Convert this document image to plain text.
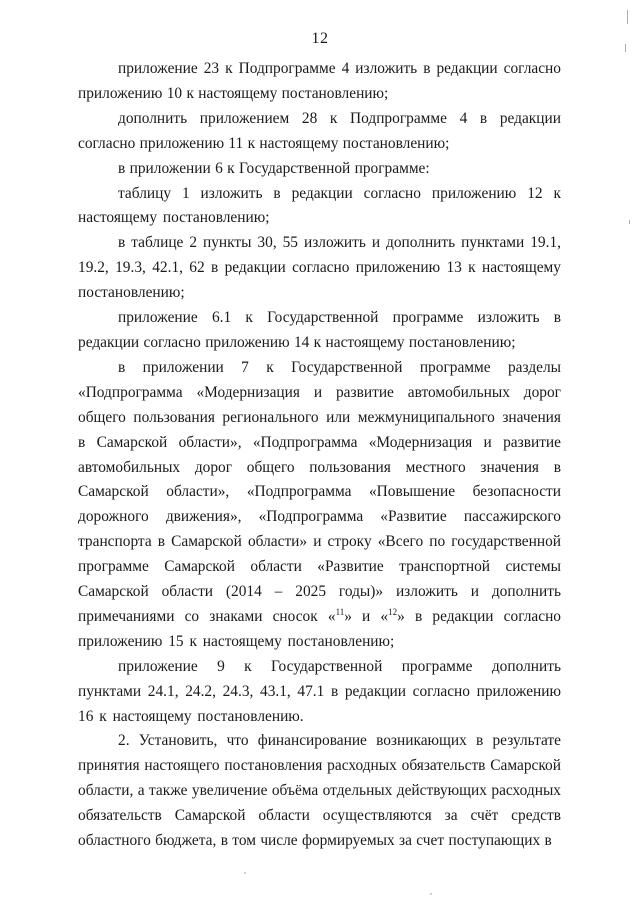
12

приложение 23 к Подпрограмме 4 изложить в редакции согласно приложению 10 к настоящему постановлению;

дополнить приложением 28 к Подпрограмме 4 в редакции согласно приложению 11 к настоящему постановлению;

в приложении 6 к Государственной программе:

таблицу 1 изложить в редакции согласно приложению 12 к настоящему постановлению;

в таблице 2 пункты 30, 55 изложить и дополнить пунктами 19.1, 19.2, 19.3, 42.1, 62 в редакции согласно приложению 13 к настоящему постановлению;

приложение 6.1 к Государственной программе изложить в редакции согласно приложению 14 к настоящему постановлению;

в приложении 7 к Государственной программе разделы «Подпрограмма «Модернизация и развитие автомобильных дорог общего пользования регионального или межмуниципального значения в Самарской области», «Подпрограмма «Модернизация и развитие автомобильных дорог общего пользования местного значения в Самарской области», «Подпрограмма «Повышение безопасности дорожного движения», «Подпрограмма «Развитие пассажирского транспорта в Самарской области» и строку «Всего по государственной программе Самарской области «Развитие транспортной системы Самарской области (2014 – 2025 годы)» изложить и дополнить примечаниями со знаками сносок «$^{11}$» и «$^{12}$» в редакции согласно приложению 15 к настоящему постановлению;

приложение 9 к Государственной программе дополнить пунктами 24.1, 24.2, 24.3, 43.1, 47.1 в редакции согласно приложению 16 к настоящему постановлению.

2. Установить, что финансирование возникающих в результате принятия настоящего постановления расходных обязательств Самарской области, а также увеличение объёма отдельных действующих расходных обязательств Самарской области осуществляются за счёт средств областного бюджета, в том числе формируемых за счет поступающих в
